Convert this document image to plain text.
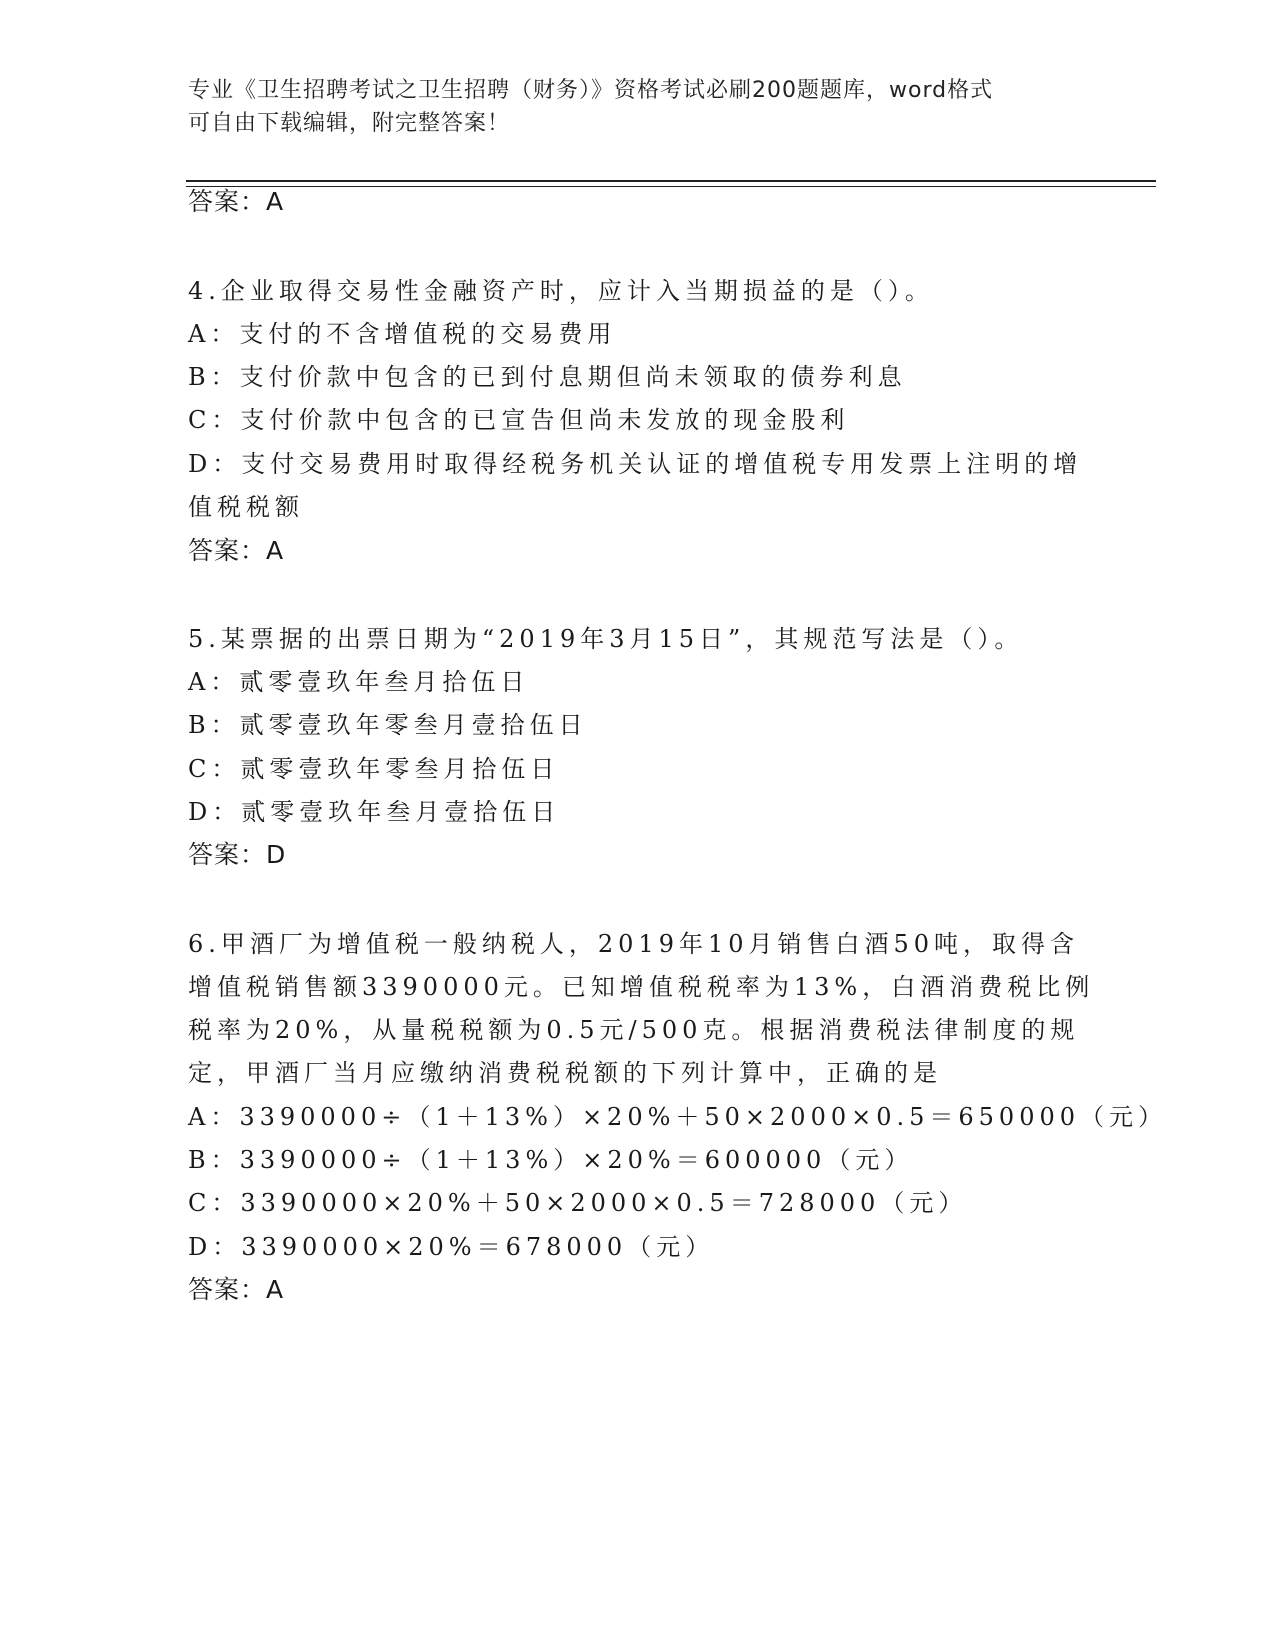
专业《卫生招聘考试之卫生招聘（财务）》资格考试必刷200题题库，word格式
可自由下载编辑，附完整答案！
答案：A
4.企业取得交易性金融资产时，应计入当期损益的是（）。
A：支付的不含增值税的交易费用
B：支付价款中包含的已到付息期但尚未领取的债券利息
C：支付价款中包含的已宣告但尚未发放的现金股利
D：支付交易费用时取得经税务机关认证的增值税专用发票上注明的增
值税税额
答案：A
5.某票据的出票日期为“2019年3月15日”，其规范写法是（）。
A：贰零壹玖年叁月拾伍日
B：贰零壹玖年零叁月壹拾伍日
C：贰零壹玖年零叁月拾伍日
D：贰零壹玖年叁月壹拾伍日
答案：D
6.甲酒厂为增值税一般纳税人，2019年10月销售白酒50吨，取得含
增值税销售额3390000元。已知增值税税率为13%，白酒消费税比例
税率为20%，从量税税额为0.5元/500克。根据消费税法律制度的规
定，甲酒厂当月应缴纳消费税税额的下列计算中，正确的是
A：3390000÷（1＋13%）×20%＋50×2000×0.5＝650000（元）
B：3390000÷（1＋13%）×20%＝600000（元）
C：3390000×20%＋50×2000×0.5＝728000（元）
D：3390000×20%＝678000（元）
答案：A
